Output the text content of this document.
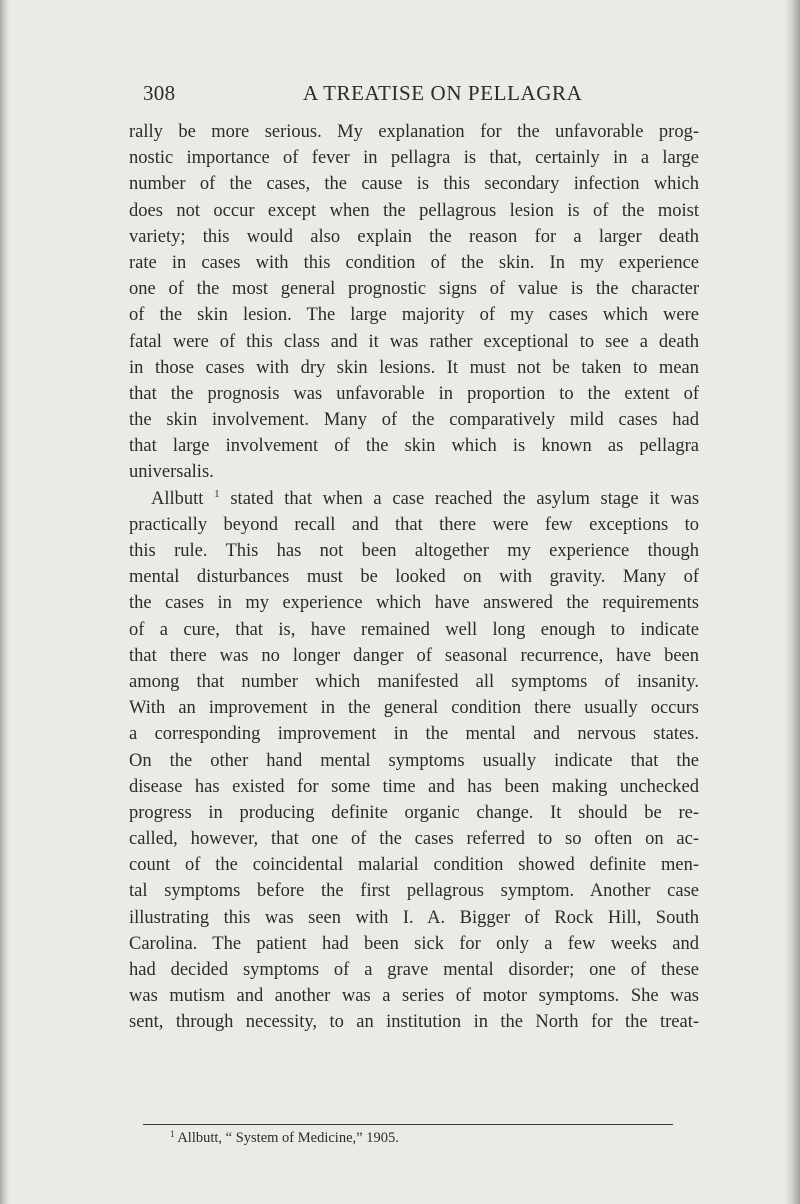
308	A TREATISE ON PELLAGRA
rally be more serious. My explanation for the unfavorable prog-
nostic importance of fever in pellagra is that, certainly in a large
number of the cases, the cause is this secondary infection which
does not occur except when the pellagrous lesion is of the moist
variety; this would also explain the reason for a larger death
rate in cases with this condition of the skin. In my experience
one of the most general prognostic signs of value is the character
of the skin lesion. The large majority of my cases which were
fatal were of this class and it was rather exceptional to see a death
in those cases with dry skin lesions. It must not be taken to mean
that the prognosis was unfavorable in proportion to the extent of
the skin involvement. Many of the comparatively mild cases had
that large involvement of the skin which is known as pellagra
universalis.
Allbutt $^1$ stated that when a case reached the asylum stage it was
practically beyond recall and that there were few exceptions to
this rule. This has not been altogether my experience though
mental disturbances must be looked on with gravity. Many of
the cases in my experience which have answered the requirements
of a cure, that is, have remained well long enough to indicate
that there was no longer danger of seasonal recurrence, have been
among that number which manifested all symptoms of insanity.
With an improvement in the general condition there usually occurs
a corresponding improvement in the mental and nervous states.
On the other hand mental symptoms usually indicate that the
disease has existed for some time and has been making unchecked
progress in producing definite organic change. It should be re-
called, however, that one of the cases referred to so often on ac-
count of the coincidental malarial condition showed definite men-
tal symptoms before the first pellagrous symptom. Another case
illustrating this was seen with I. A. Bigger of Rock Hill, South
Carolina. The patient had been sick for only a few weeks and
had decided symptoms of a grave mental disorder; one of these
was mutism and another was a series of motor symptoms. She was
sent, through necessity, to an institution in the North for the treat-
$^1$ Allbutt, “ System of Medicine,” 1905.
